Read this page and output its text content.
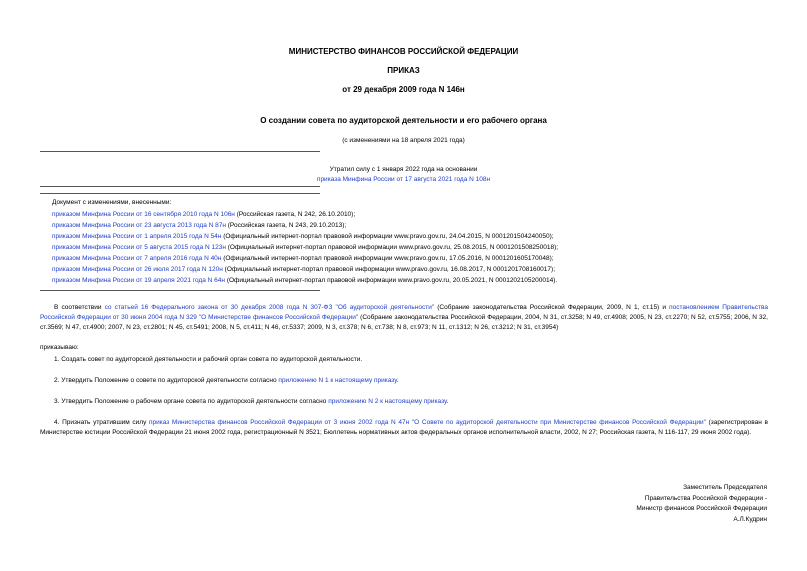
МИНИСТЕРСТВО ФИНАНСОВ РОССИЙСКОЙ ФЕДЕРАЦИИ
ПРИКАЗ
от 29 декабря 2009 года N 146н
О создании совета по аудиторской деятельности и его рабочего органа
(с изменениями на 18 апреля 2021 года)
Утратил силу с 1 января 2022 года на основании
приказа Минфина России от 17 августа 2021 года N 108н
Документ с изменениями, внесенными:
приказом Минфина России от 16 сентября 2010 года N 106н (Российская газета, N 242, 26.10.2010);
приказом Минфина России от 23 августа 2013 года N 87н (Российская газета, N 243, 29.10.2013);
приказом Минфина России от 1 апреля 2015 года N 54н (Официальный интернет-портал правовой информации www.pravo.gov.ru, 24.04.2015, N 0001201504240050);
приказом Минфина России от 5 августа 2015 года N 123н (Официальный интернет-портал правовой информации www.pravo.gov.ru, 25.08.2015, N 0001201508250018);
приказом Минфина России от 7 апреля 2016 года N 40н (Официальный интернет-портал правовой информации www.pravo.gov.ru, 17.05.2016, N 0001201605170048);
приказом Минфина России от 26 июля 2017 года N 120н (Официальный интернет-портал правовой информации www.pravo.gov.ru, 16.08.2017, N 0001201708160017);
приказом Минфина России от 19 апреля 2021 года N 64н (Официальный интернет-портал правовой информации www.pravo.gov.ru, 20.05.2021, N 0001202105200014).
В соответствии со статьей 16 Федерального закона от 30 декабря 2008 года N 307-ФЗ "Об аудиторской деятельности" (Собрание законодательства Российской Федерации, 2009, N 1, ст.15) и постановлением Правительства Российской Федерации от 30 июня 2004 года N 329 "О Министерстве финансов Российской Федерации" (Собрание законодательства Российской Федерации, 2004, N 31, ст.3258; N 49, ст.4908; 2005, N 23, ст.2270; N 52, ст.5755; 2006, N 32, ст.3569; N 47, ст.4900; 2007, N 23, ст.2801; N 45, ст.5491; 2008, N 5, ст.411; N 46, ст.5337; 2009, N 3, ст.378; N 6, ст.738; N 8, ст.973; N 11, ст.1312; N 26, ст.3212; N 31, ст.3954)
приказываю:
1. Создать совет по аудиторской деятельности и рабочий орган совета по аудиторской деятельности.
2. Утвердить Положение о совете по аудиторской деятельности согласно приложению N 1 к настоящему приказу.
3. Утвердить Положение о рабочем органе совета по аудиторской деятельности согласно приложению N 2 к настоящему приказу.
4. Признать утратившим силу приказ Министерства финансов Российской Федерации от 3 июня 2002 года N 47н "О Совете по аудиторской деятельности при Министерстве финансов Российской Федерации" (зарегистрирован в Министерстве юстиции Российской Федерации 21 июня 2002 года, регистрационный N 3521; Бюллетень нормативных актов федеральных органов исполнительной власти, 2002, N 27; Российская газета, N 116-117, 29 июня 2002 года).
Заместитель Председателя
Правительства Российской Федерации -
Министр финансов Российской Федерации
А.Л.Кудрин
